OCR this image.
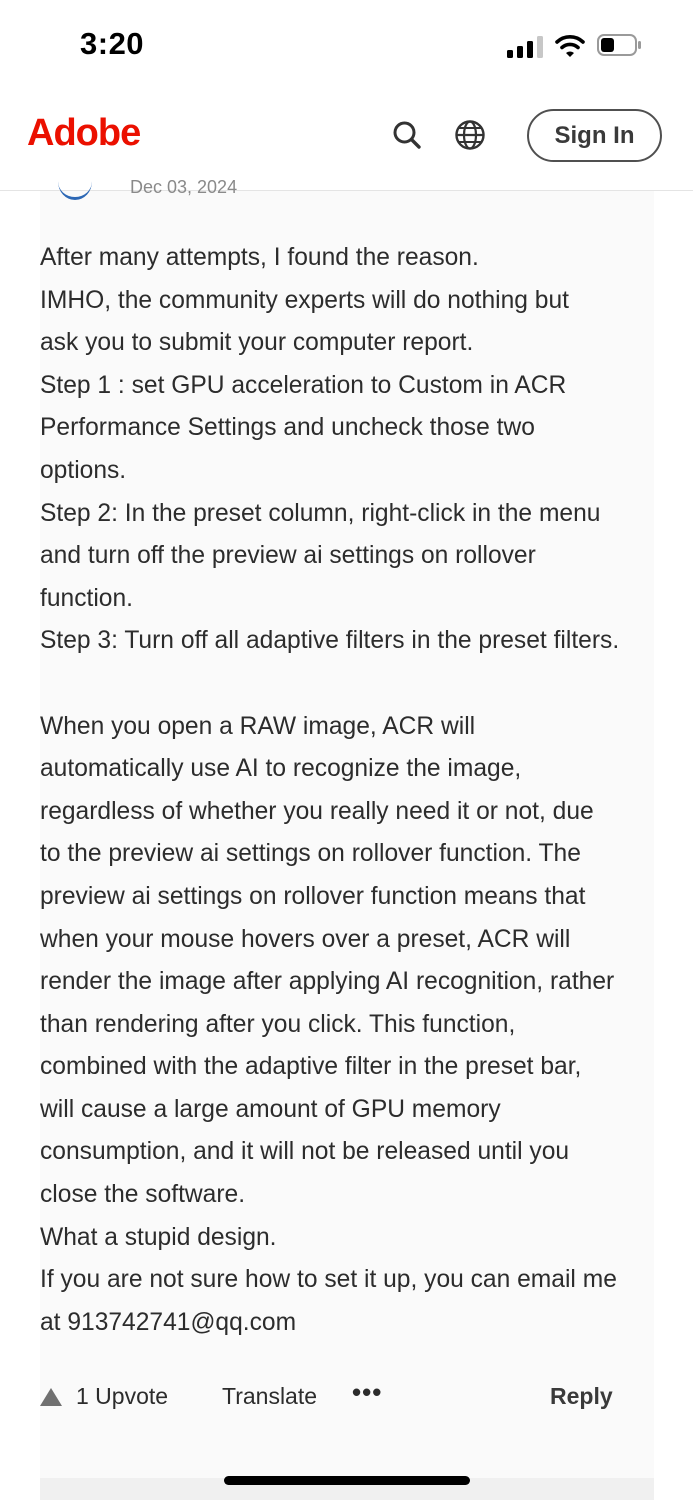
3:20
Adobe	Sign In
Dec 03, 2024

After many attempts, I found the reason.

IMHO, the community experts will do nothing but

ask you to submit your computer report.

Step 1 : set GPU acceleration to Custom in ACR

Performance Settings and uncheck those two

options.

Step 2: In the preset column, right-click in the menu

and turn off the preview ai settings on rollover

function.

Step 3: Turn off all adaptive filters in the preset filters.

When you open a RAW image, ACR will

automatically use AI to recognize the image,

regardless of whether you really need it or not, due

to the preview ai settings on rollover function. The

preview ai settings on rollover function means that

when your mouse hovers over a preset, ACR will

render the image after applying AI recognition, rather

than rendering after you click. This function,

combined with the adaptive filter in the preset bar,

will cause a large amount of GPU memory

consumption, and it will not be released until you

close the software.

What a stupid design.

If you are not sure how to set it up, you can email me

at 913742741@qq.com

1 Upvote Translate •••	Reply
